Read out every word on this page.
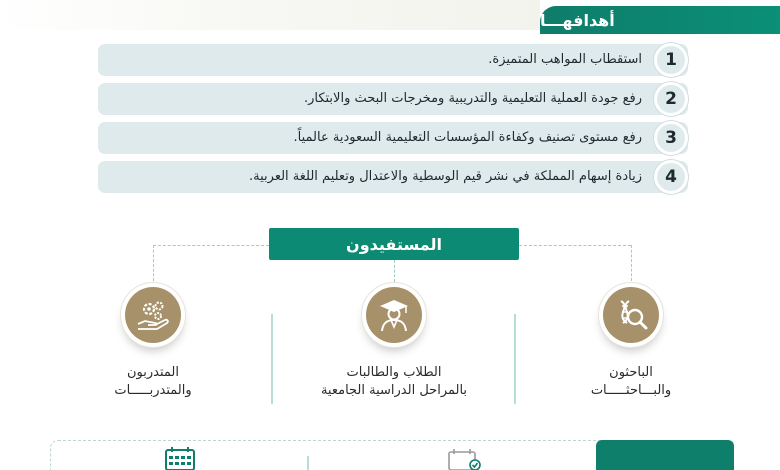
أهدافهـــا
1
استقطاب المواهب المتميزة.
2
رفع جودة العملية التعليمية والتدريبية ومخرجات البحث والابتكار.
3
رفع مستوى تصنيف وكفاءة المؤسسات التعليمية السعودية عالمياً.
4
زيادة إسهام المملكة في نشر قيم الوسطية والاعتدال وتعليم اللغة العربية.
المستفيدون
الباحثون
والبـــاحثـــــات
الطلاب والطالبات
بالمراحل الدراسية الجامعية
المتدربون
والمتدربـــــات
